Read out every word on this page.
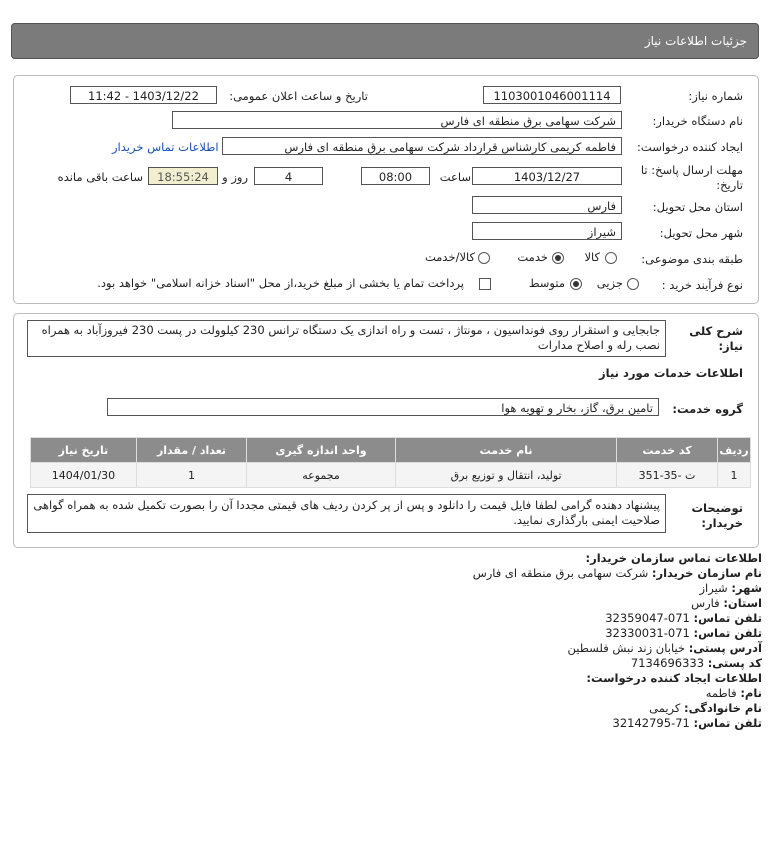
جزئیات اطلاعات نیاز
شماره نیاز:
1103001046001114
تاریخ و ساعت اعلان عمومی:
1403/12/22 - 11:42
نام دستگاه خریدار:
شرکت سهامی برق منطقه ای فارس
ایجاد کننده درخواست:
فاطمه کریمی کارشناس قرارداد شرکت سهامی برق منطقه ای فارس
اطلاعات تماس خریدار
مهلت ارسال پاسخ: تا
تاریخ:
1403/12/27
ساعت
08:00
4
روز و
18:55:24
ساعت باقی مانده
استان محل تحویل:
فارس
شهر محل تحویل:
شیراز
طبقه بندی موضوعی:
کالا
خدمت
کالا/خدمت
نوع فرآیند خرید :
جزیی
متوسط
پرداخت تمام یا بخشی از مبلغ خرید،از محل "اسناد خزانه اسلامی" خواهد بود.
شرح کلی
نیاز:
جابجایی و استقرار روی فونداسیون ، مونتاژ ، تست و راه اندازی یک دستگاه ترانس 230 کیلوولت در پست 230 فیروزآباد به همراه نصب رله و اصلاح مدارات
اطلاعات خدمات مورد نیاز
گروه خدمت:
تامین برق، گاز، بخار و تهویه هوا
ردیف	کد خدمت	نام خدمت	واحد اندازه گیری	تعداد / مقدار	تاریخ نیاز
1	ت -35-351	تولید، انتقال و توزیع برق	مجموعه	1	1404/01/30
توضیحات
خریدار:
پیشنهاد دهنده گرامی لطفا فایل قیمت را دانلود و پس از پر کردن ردیف های قیمتی مجددا آن را بصورت تکمیل شده به همراه گواهی صلاحیت ایمنی بارگذاری نمایید.
اطلاعات تماس سازمان خریدار:
نام سازمان خریدار: شرکت سهامی برق منطقه ای فارس
شهر: شیراز
استان: فارس
تلفن تماس: 071-32359047
تلفن تماس: 071-32330031
آدرس پستی: خیابان زند نبش فلسطین
کد پستی: 7134696333
اطلاعات ایجاد کننده درخواست:
نام: فاطمه
نام خانوادگی: کریمی
تلفن تماس: 71-32142795
